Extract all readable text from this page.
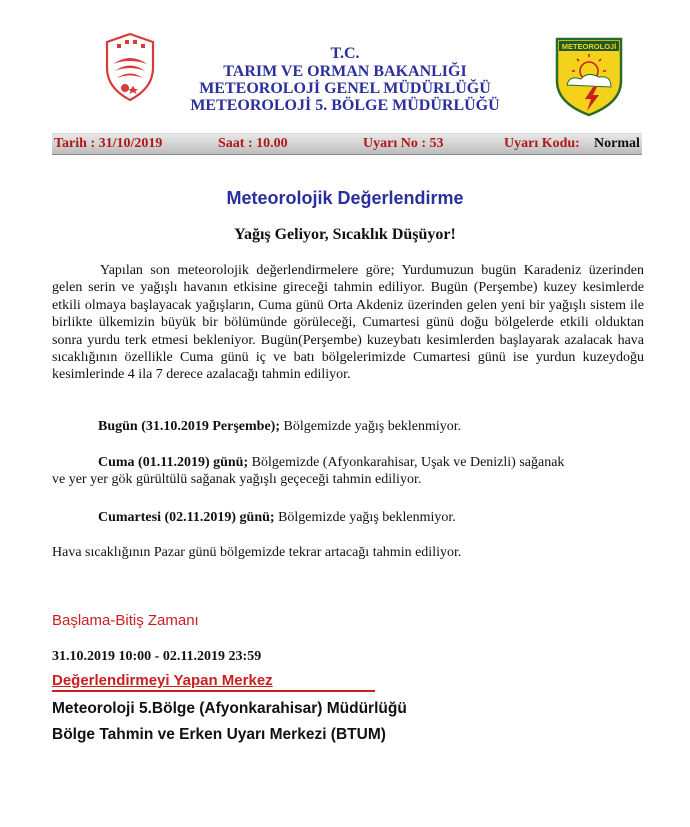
METEOROLOJİ
T.C.
TARIM VE ORMAN BAKANLIĞI
METEOROLOJİ GENEL MÜDÜRLÜĞÜ
METEOROLOJİ 5. BÖLGE MÜDÜRLÜĞÜ
Tarih : 31/10/2019	Saat : 10.00	Uyarı No : 53	Uyarı Kodu: Normal
Meteorolojik Değerlendirme
Yağış Geliyor, Sıcaklık Düşüyor!
Yapılan son meteorolojik değerlendirmelere göre; Yurdumuzun bugün Karadeniz üzerinden gelen serin ve yağışlı havanın etkisine gireceği tahmin ediliyor. Bugün (Perşembe) kuzey kesimlerde etkili olmaya başlayacak yağışların, Cuma günü Orta Akdeniz üzerinden gelen yeni bir yağışlı sistem ile birlikte ülkemizin büyük bir bölümünde görüleceği, Cumartesi günü doğu bölgelerde etkili olduktan sonra yurdu terk etmesi bekleniyor. Bugün(Perşembe) kuzeybatı kesimlerden başlayarak azalacak hava sıcaklığının özellikle Cuma günü iç ve batı bölgelerimizde Cumartesi günü ise yurdun kuzeydoğu kesimlerinde 4 ila 7 derece azalacağı tahmin ediliyor.
Bugün (31.10.2019 Perşembe); Bölgemizde yağış beklenmiyor.
Cuma (01.11.2019) günü; Bölgemizde (Afyonkarahisar, Uşak ve Denizli) sağanak
ve yer yer gök gürültülü sağanak yağışlı geçeceği tahmin ediliyor.
Cumartesi (02.11.2019) günü; Bölgemizde yağış beklenmiyor.
Hava sıcaklığının Pazar günü bölgemizde tekrar artacağı tahmin ediliyor.
Başlama-Bitiş Zamanı
31.10.2019 10:00 - 02.11.2019 23:59
Değerlendirmeyi Yapan Merkez
Meteoroloji 5.Bölge (Afyonkarahisar) Müdürlüğü
Bölge Tahmin ve Erken Uyarı Merkezi (BTUM)
